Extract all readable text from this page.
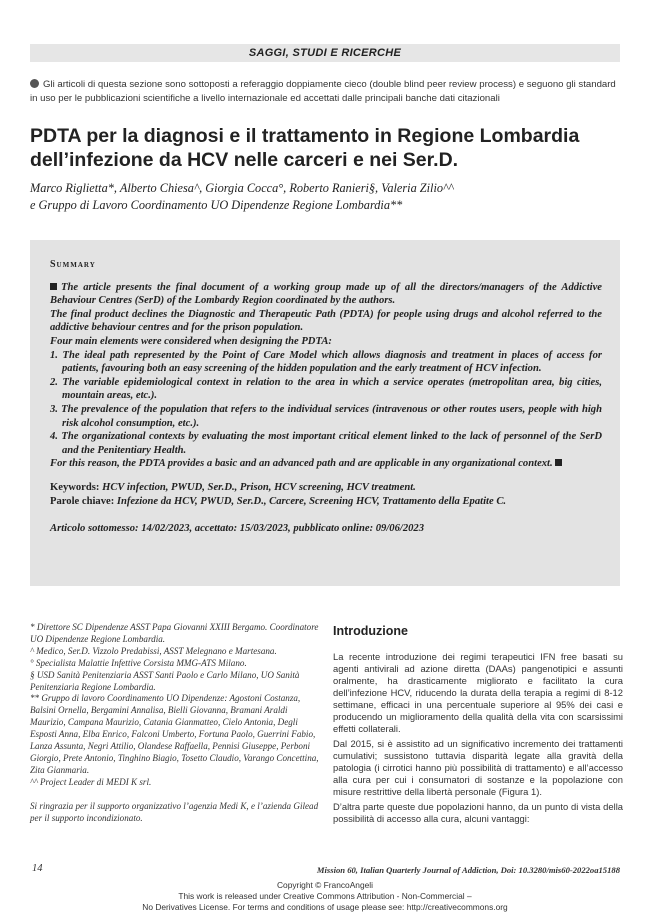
SAGGI, STUDI E RICERCHE
Gli articoli di questa sezione sono sottoposti a referaggio doppiamente cieco (double blind peer review process) e seguono gli standard in uso per le pubblicazioni scientifiche a livello internazionale ed accettati dalle principali banche dati citazionali
PDTA per la diagnosi e il trattamento in Regione Lombardia
dell’infezione da HCV nelle carceri e nei Ser.D.
Marco Riglietta*, Alberto Chiesa^, Giorgia Cocca°, Roberto Ranieri§, Valeria Zilio^^
e Gruppo di Lavoro Coordinamento UO Dipendenze Regione Lombardia**
Summary

The article presents the final document of a working group made up of all the directors/managers of the Addictive Behaviour Centres (SerD) of the Lombardy Region coordinated by the authors.

The final product declines the Diagnostic and Therapeutic Path (PDTA) for people using drugs and alcohol referred to the addictive behaviour centres and for the prison population.

Four main elements were considered when designing the PDTA:

1. The ideal path represented by the Point of Care Model which allows diagnosis and treatment in places of access for patients, favouring both an easy screening of the hidden population and the early treatment of HCV infection.
2. The variable epidemiological context in relation to the area in which a service operates (metropolitan area, big cities, mountain areas, etc.).
3. The prevalence of the population that refers to the individual services (intravenous or other routes users, people with high risk alcohol consumption, etc.).
4. The organizational contexts by evaluating the most important critical element linked to the lack of personnel of the SerD and the Penitentiary Health.

For this reason, the PDTA provides a basic and an advanced path and are applicable in any organizational context.

Keywords: HCV infection, PWUD, Ser.D., Prison, HCV screening, HCV treatment.

Parole chiave: Infezione da HCV, PWUD, Ser.D., Carcere, Screening HCV, Trattamento della Epatite C.

Articolo sottomesso: 14/02/2023, accettato: 15/03/2023, pubblicato online: 09/06/2023

* Direttore SC Dipendenze ASST Papa Giovanni XXIII Bergamo. Coordinatore UO Dipendenze Regione Lombardia.

^ Medico, Ser.D. Vizzolo Predabissi, ASST Melegnano e Martesana.

° Specialista Malattie Infettive Corsista MMG-ATS Milano.

§ USD Sanità Penitenziaria ASST Santi Paolo e Carlo Milano, UO Sanità Penitenziaria Regione Lombardia.

** Gruppo di lavoro Coordinamento UO Dipendenze: Agostoni Costanza, Balsini Ornella, Bergamini Annalisa, Bielli Giovanna, Bramani Araldi Maurizio, Campana Maurizio, Catania Gianmatteo, Cielo Antonia, Degli Esposti Anna, Elba Enrico, Falconi Umberto, Fortuna Paolo, Guerrini Fabio, Lanza Assunta, Negri Attilio, Olandese Raffaella, Pennisi Giuseppe, Perboni Giorgio, Prete Antonio, Tinghino Biagio, Tosetto Claudio, Varango Concettina, Zita Gianmaria.

^^ Project Leader di MEDI K srl.

Si ringrazia per il supporto organizzativo l’agenzia Medi K, e l’azienda Gilead per il supporto incondizionato.

Introduzione

La recente introduzione dei regimi terapeutici IFN free basati su agenti antivirali ad azione diretta (DAAs) pangenotipici e assunti oralmente, ha drasticamente migliorato e facilitato la cura dell’infezione HCV, riducendo la durata della terapia a regimi di 8-12 settimane, efficaci in una percentuale superiore al 95% dei casi e producendo un miglioramento della qualità della vita con scarsissimi effetti collaterali.

Dal 2015, si è assistito ad un significativo incremento dei trattamenti cumulativi; sussistono tuttavia disparità legate alla gravità della patologia (i cirrotici hanno più possibilità di trattamento) e all’accesso alla cura per cui i consumatori di sostanze e la popolazione con misure restrittive della libertà personale (Figura 1).

D’altra parte queste due popolazioni hanno, da un punto di vista della possibilità di accesso alla cura, alcuni vantaggi:

14	Mission 60, Italian Quarterly Journal of Addiction, Doi: 10.3280/mis60-2022oa15188
Copyright © FrancoAngeli
This work is released under Creative Commons Attribution - Non-Commercial –
No Derivatives License. For terms and conditions of usage please see: http://creativecommons.org
